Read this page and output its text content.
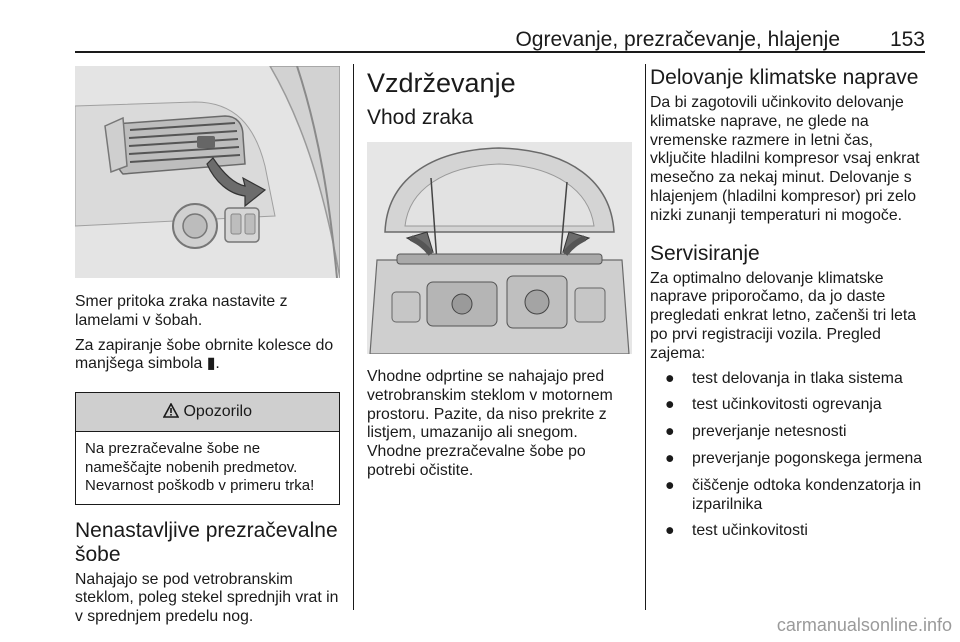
Ogrevanje, prezračevanje, hlajenje 153

Smer pritoka zraka nastavite z lamelami v šobah.

Za zapiranje šobe obrnite kolesce do manjšega simbola ▮.

Opozorilo
Na prezračevalne šobe ne nameščajte nobenih predmetov. Nevarnost poškodb v primeru trka!
Nenastavljive prezračevalne šobe

Nahajajo se pod vetrobranskim steklom, poleg stekel sprednjih vrat in v sprednjem predelu nog.

Vzdrževanje
Vhod zraka

Vhodne odprtine se nahajajo pred vetrobranskim steklom v motornem prostoru. Pazite, da niso prekrite z listjem, umazanijo ali snegom. Vhodne prezračevalne šobe po potrebi očistite.

Delovanje klimatske naprave

Da bi zagotovili učinkovito delovanje klimatske naprave, ne glede na vremenske razmere in letni čas, vključite hladilni kompresor vsaj enkrat mesečno za nekaj minut. Delovanje s hlajenjem (hladilni kompresor) pri zelo nizki zunanji temperaturi ni mogoče.

Servisiranje

Za optimalno delovanje klimatske naprave priporočamo, da jo daste pregledati enkrat letno, začenši tri leta po prvi registraciji vozila. Pregled zajema:

● test delovanja in tlaka sistema
● test učinkovitosti ogrevanja
● preverjanje netesnosti
● preverjanje pogonskega jermena
● čiščenje odtoka kondenzatorja in izparilnika
● test učinkovitosti
carmanualsonline.info
